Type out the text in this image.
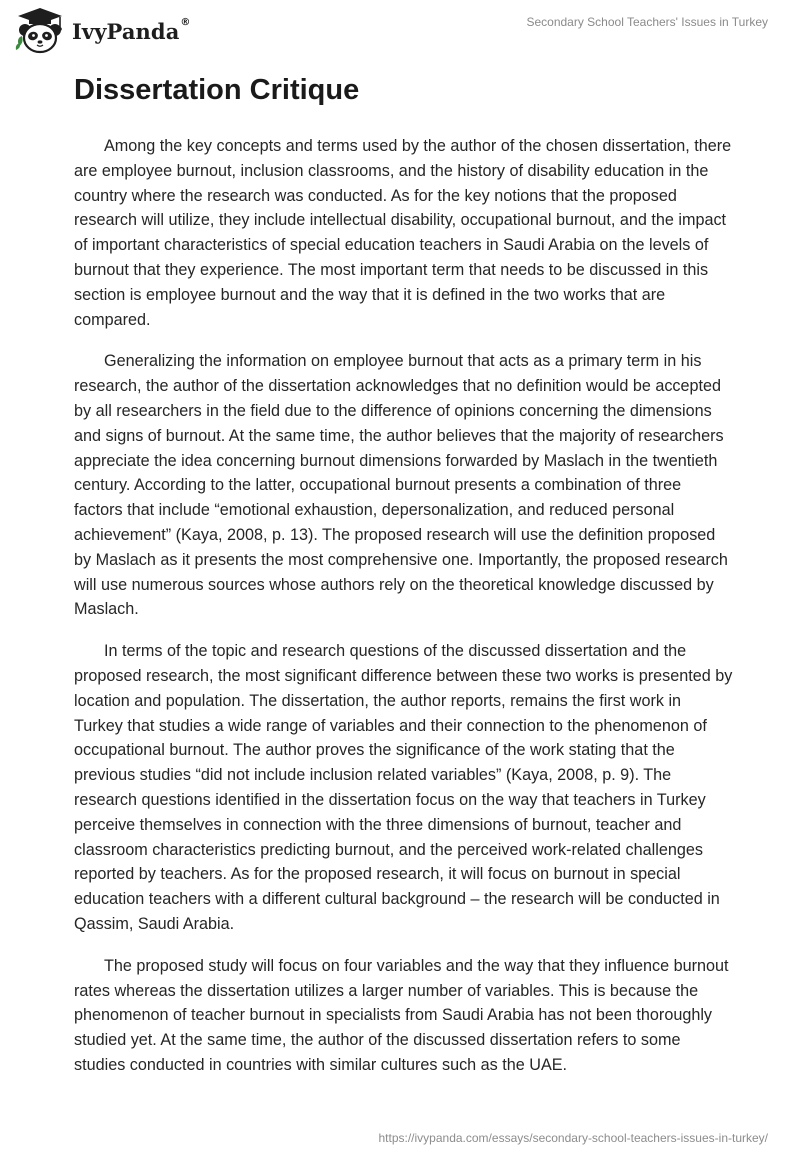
IvyPanda®	Secondary School Teachers' Issues in Turkey
Dissertation Critique

Among the key concepts and terms used by the author of the chosen dissertation, there are employee burnout, inclusion classrooms, and the history of disability education in the country where the research was conducted. As for the key notions that the proposed research will utilize, they include intellectual disability, occupational burnout, and the impact of important characteristics of special education teachers in Saudi Arabia on the levels of burnout that they experience. The most important term that needs to be discussed in this section is employee burnout and the way that it is defined in the two works that are compared.

Generalizing the information on employee burnout that acts as a primary term in his research, the author of the dissertation acknowledges that no definition would be accepted by all researchers in the field due to the difference of opinions concerning the dimensions and signs of burnout. At the same time, the author believes that the majority of researchers appreciate the idea concerning burnout dimensions forwarded by Maslach in the twentieth century. According to the latter, occupational burnout presents a combination of three factors that include “emotional exhaustion, depersonalization, and reduced personal achievement” (Kaya, 2008, p. 13). The proposed research will use the definition proposed by Maslach as it presents the most comprehensive one. Importantly, the proposed research will use numerous sources whose authors rely on the theoretical knowledge discussed by Maslach.

In terms of the topic and research questions of the discussed dissertation and the proposed research, the most significant difference between these two works is presented by location and population. The dissertation, the author reports, remains the first work in Turkey that studies a wide range of variables and their connection to the phenomenon of occupational burnout. The author proves the significance of the work stating that the previous studies “did not include inclusion related variables” (Kaya, 2008, p. 9). The research questions identified in the dissertation focus on the way that teachers in Turkey perceive themselves in connection with the three dimensions of burnout, teacher and classroom characteristics predicting burnout, and the perceived work-related challenges reported by teachers. As for the proposed research, it will focus on burnout in special education teachers with a different cultural background – the research will be conducted in Qassim, Saudi Arabia.

The proposed study will focus on four variables and the way that they influence burnout rates whereas the dissertation utilizes a larger number of variables. This is because the phenomenon of teacher burnout in specialists from Saudi Arabia has not been thoroughly studied yet. At the same time, the author of the discussed dissertation refers to some studies conducted in countries with similar cultures such as the UAE.

https://ivypanda.com/essays/secondary-school-teachers-issues-in-turkey/
